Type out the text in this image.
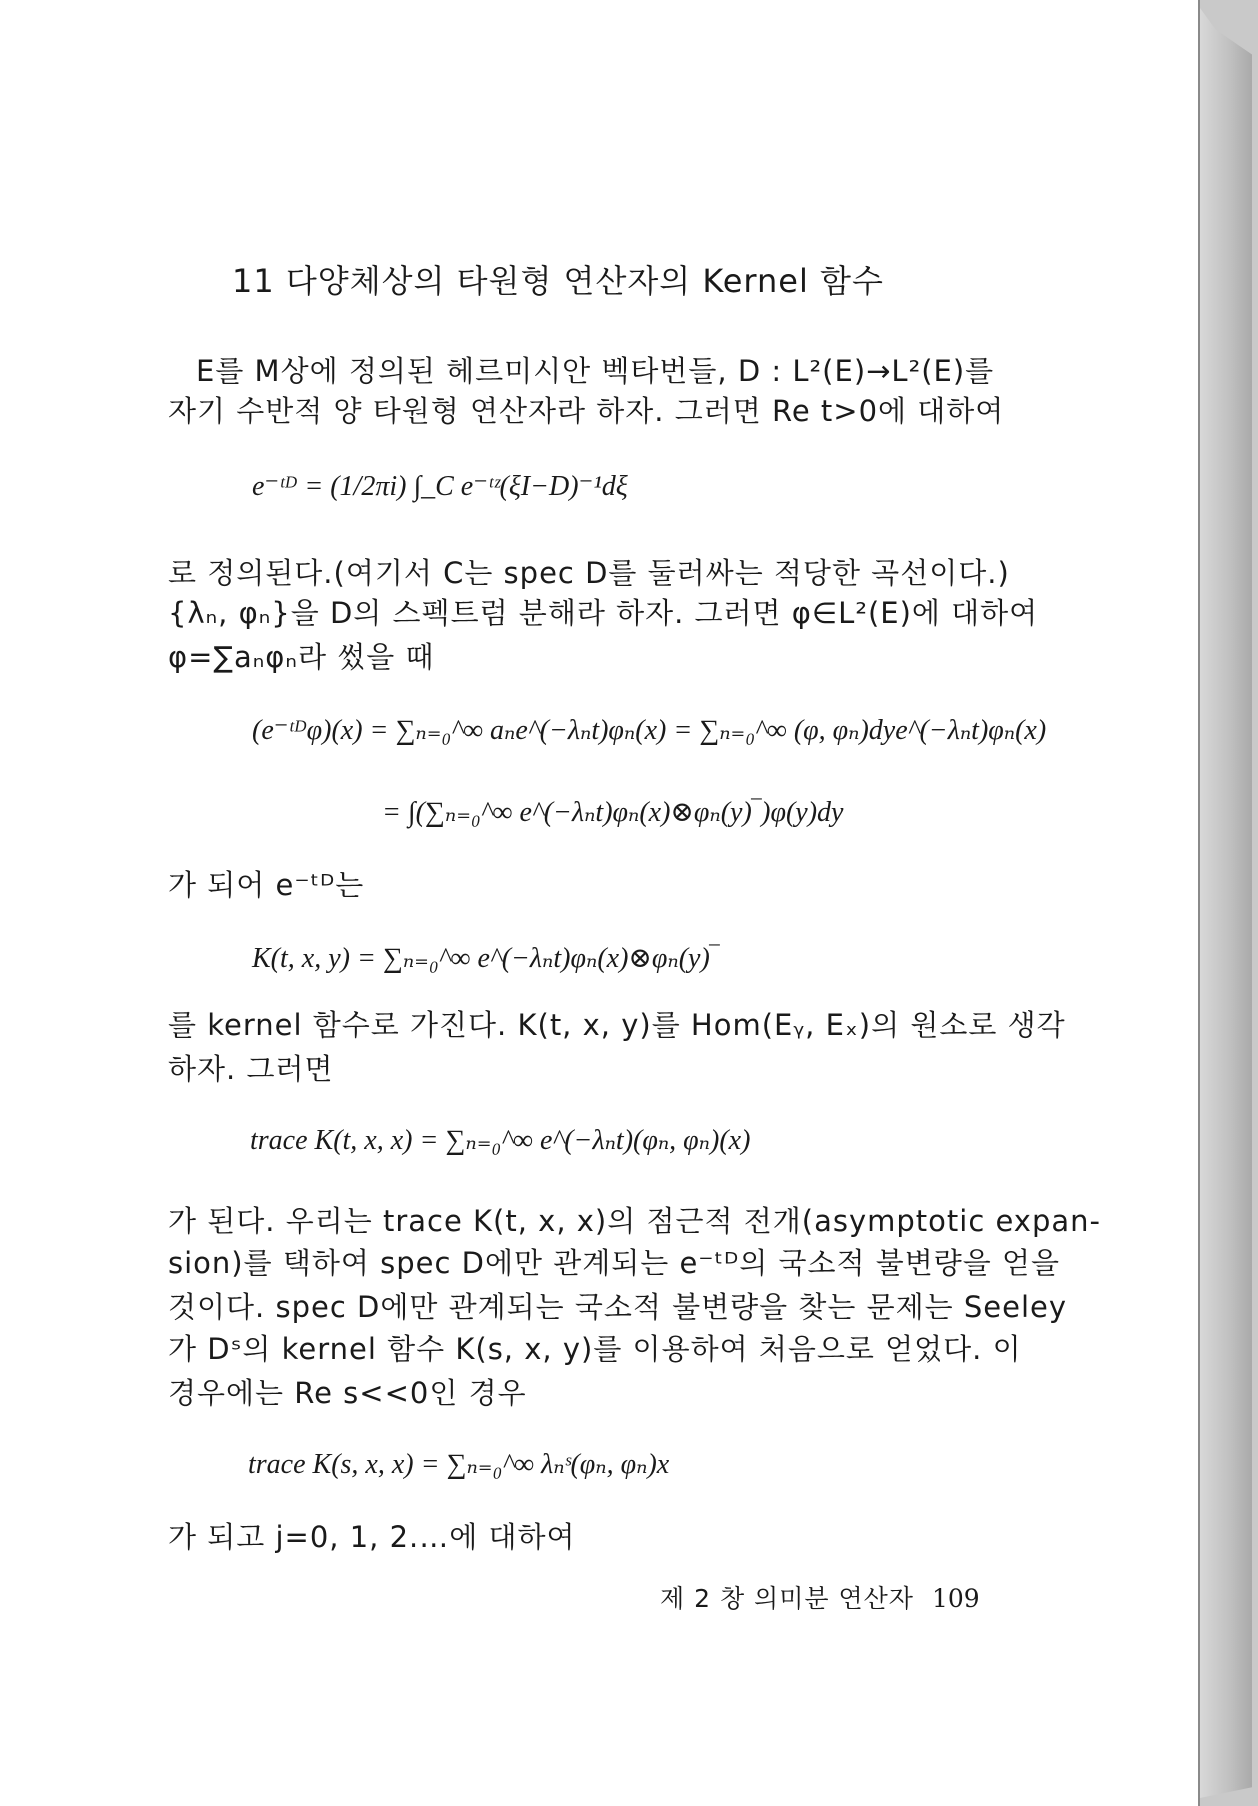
11 다양체상의 타원형 연산자의 Kernel 함수
E를 M상에 정의된 헤르미시안 벡타번들, D : L²(E)→L²(E)를
자기 수반적 양 타원형 연산자라 하자. 그러면 Re t>0에 대하여
e⁻ᵗᴰ = (1/2πi) ∫_C e⁻ᵗᶻ(ξI−D)⁻¹dξ
로 정의된다.(여기서 C는 spec D를 둘러싸는 적당한 곡선이다.)
{λₙ, φₙ}을 D의 스펙트럼 분해라 하자. 그러면 φ∈L²(E)에 대하여
φ=∑aₙφₙ라 썼을 때
(e⁻ᵗᴰφ)(x) = ∑ₙ₌₀^∞ aₙe^(−λₙt)φₙ(x) = ∑ₙ₌₀^∞ (φ, φₙ)dye^(−λₙt)φₙ(x)
= ∫(∑ₙ₌₀^∞ e^(−λₙt)φₙ(x)⊗φₙ(y)‾)φ(y)dy
가 되어 e⁻ᵗᴰ는
K(t, x, y) = ∑ₙ₌₀^∞ e^(−λₙt)φₙ(x)⊗φₙ(y)‾
를 kernel 함수로 가진다. K(t, x, y)를 Hom(Eᵧ, Eₓ)의 원소로 생각
하자. 그러면
trace K(t, x, x) = ∑ₙ₌₀^∞ e^(−λₙt)(φₙ, φₙ)(x)
가 된다. 우리는 trace K(t, x, x)의 점근적 전개(asymptotic expan-
sion)를 택하여 spec D에만 관계되는 e⁻ᵗᴰ의 국소적 불변량을 얻을
것이다. spec D에만 관계되는 국소적 불변량을 찾는 문제는 Seeley
가 Dˢ의 kernel 함수 K(s, x, y)를 이용하여 처음으로 얻었다. 이
경우에는 Re s<<0인 경우
trace K(s, x, x) = ∑ₙ₌₀^∞ λₙˢ(φₙ, φₙ)x
가 되고 j=0, 1, 2.…에 대하여
제 2 창 의미분 연산자 109
